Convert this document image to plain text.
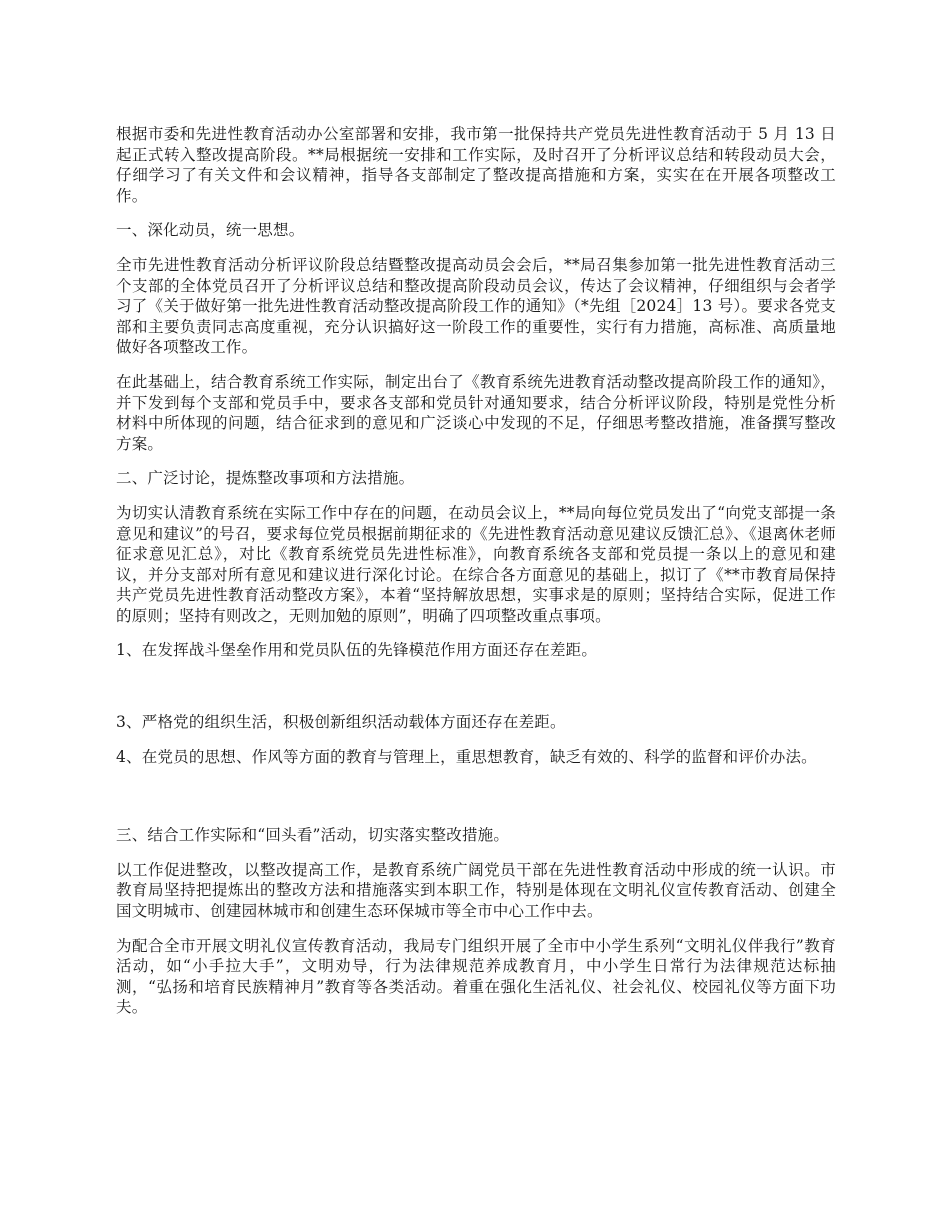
根据市委和先进性教育活动办公室部署和安排，我市第一批保持共产党员先进性教育活动于 5 月 13 日起正式转入整改提高阶段。**局根据统一安排和工作实际，及时召开了分析评议总结和转段动员大会，仔细学习了有关文件和会议精神，指导各支部制定了整改提高措施和方案，实实在在开展各项整改工作。

一、深化动员，统一思想。

全市先进性教育活动分析评议阶段总结暨整改提高动员会会后，**局召集参加第一批先进性教育活动三个支部的全体党员召开了分析评议总结和整改提高阶段动员会议，传达了会议精神，仔细组织与会者学习了《关于做好第一批先进性教育活动整改提高阶段工作的通知》（*先组［2024］13 号）。要求各党支部和主要负责同志高度重视，充分认识搞好这一阶段工作的重要性，实行有力措施，高标准、高质量地做好各项整改工作。

在此基础上，结合教育系统工作实际，制定出台了《教育系统先进教育活动整改提高阶段工作的通知》，并下发到每个支部和党员手中，要求各支部和党员针对通知要求，结合分析评议阶段，特别是党性分析材料中所体现的问题，结合征求到的意见和广泛谈心中发现的不足，仔细思考整改措施，准备撰写整改方案。

二、广泛讨论，提炼整改事项和方法措施。

为切实认清教育系统在实际工作中存在的问题，在动员会议上，**局向每位党员发出了“向党支部提一条意见和建议”的号召，要求每位党员根据前期征求的《先进性教育活动意见建议反馈汇总》、《退离休老师征求意见汇总》，对比《教育系统党员先进性标准》，向教育系统各支部和党员提一条以上的意见和建议，并分支部对所有意见和建议进行深化讨论。在综合各方面意见的基础上，拟订了《**市教育局保持共产党员先进性教育活动整改方案》，本着“坚持解放思想，实事求是的原则；坚持结合实际，促进工作的原则；坚持有则改之，无则加勉的原则”，明确了四项整改重点事项。

1、在发挥战斗堡垒作用和党员队伍的先锋模范作用方面还存在差距。

3、严格党的组织生活，积极创新组织活动载体方面还存在差距。

4、在党员的思想、作风等方面的教育与管理上，重思想教育，缺乏有效的、科学的监督和评价办法。

三、结合工作实际和“回头看”活动，切实落实整改措施。

以工作促进整改，以整改提高工作，是教育系统广阔党员干部在先进性教育活动中形成的统一认识。市教育局坚持把提炼出的整改方法和措施落实到本职工作，特别是体现在文明礼仪宣传教育活动、创建全国文明城市、创建园林城市和创建生态环保城市等全市中心工作中去。

为配合全市开展文明礼仪宣传教育活动，我局专门组织开展了全市中小学生系列“文明礼仪伴我行”教育活动，如“小手拉大手”，文明劝导，行为法律规范养成教育月，中小学生日常行为法律规范达标抽测，“弘扬和培育民族精神月”教育等各类活动。着重在强化生活礼仪、社会礼仪、校园礼仪等方面下功夫。
